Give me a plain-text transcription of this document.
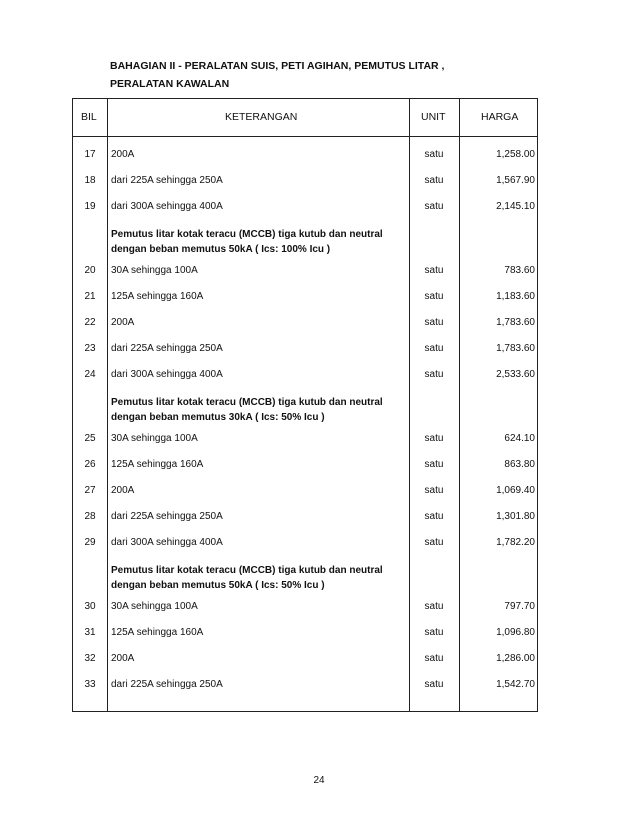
BAHAGIAN II - PERALATAN SUIS, PETI AGIHAN, PEMUTUS LITAR ,
PERALATAN KAWALAN
BIL	KETERANGAN	UNIT	HARGA
17	200A	satu	1,258.00
18	dari 225A sehingga 250A	satu	1,567.90
19	dari 300A sehingga 400A	satu	2,145.10
Pemutus litar kotak teracu (MCCB) tiga kutub dan neutral
dengan beban memutus 50kA ( Ics: 100% Icu )
20	30A sehingga 100A	satu	783.60
21	125A sehingga 160A	satu	1,183.60
22	200A	satu	1,783.60
23	dari 225A sehingga 250A	satu	1,783.60
24	dari 300A sehingga 400A	satu	2,533.60
Pemutus litar kotak teracu (MCCB) tiga kutub dan neutral
dengan beban memutus 30kA ( Ics: 50% Icu )
25	30A sehingga 100A	satu	624.10
26	125A sehingga 160A	satu	863.80
27	200A	satu	1,069.40
28	dari 225A sehingga 250A	satu	1,301.80
29	dari 300A sehingga 400A	satu	1,782.20
Pemutus litar kotak teracu (MCCB) tiga kutub dan neutral
dengan beban memutus 50kA ( Ics: 50% Icu )
30	30A sehingga 100A	satu	797.70
31	125A sehingga 160A	satu	1,096.80
32	200A	satu	1,286.00
33	dari 225A sehingga 250A	satu	1,542.70
24
